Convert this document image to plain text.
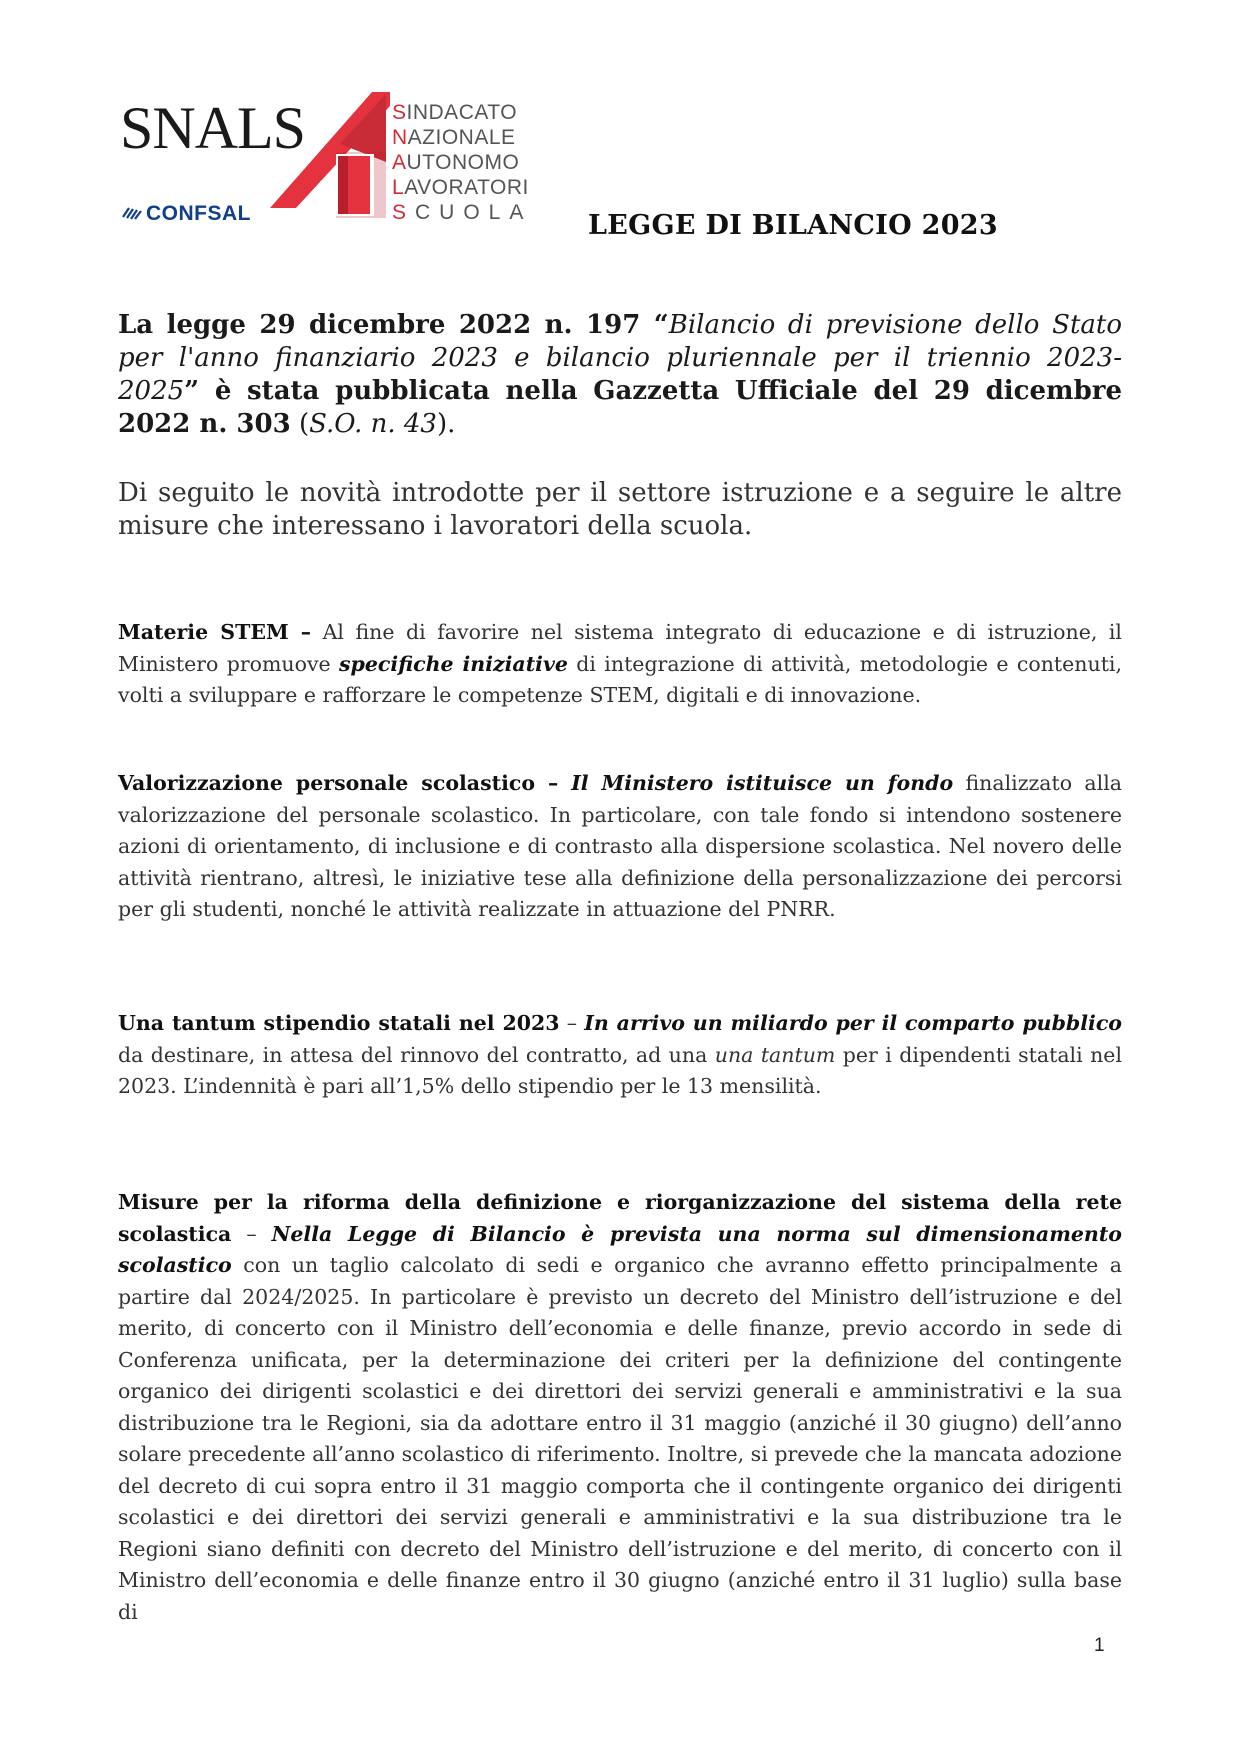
SNALS	SINDACATO
NAZIONALE
AUTONOMO
LAVORATORI
SCUOLA
CONFSAL	LEGGE DI BILANCIO 2023

La legge 29 dicembre 2022 n. 197 “Bilancio di previsione dello Stato per l'anno finanziario 2023 e bilancio pluriennale per il triennio 2023-2025” è stata pubblicata nella Gazzetta Ufficiale del 29 dicembre 2022 n. 303 (S.O. n. 43).

Di seguito le novità introdotte per il settore istruzione e a seguire le altre misure che interessano i lavoratori della scuola.

Materie STEM – Al fine di favorire nel sistema integrato di educazione e di istruzione, il Ministero promuove specifiche iniziative di integrazione di attività, metodologie e contenuti, volti a sviluppare e rafforzare le competenze STEM, digitali e di innovazione.

Valorizzazione personale scolastico – Il Ministero istituisce un fondo finalizzato alla valorizzazione del personale scolastico. In particolare, con tale fondo si intendono sostenere azioni di orientamento, di inclusione e di contrasto alla dispersione scolastica. Nel novero delle attività rientrano, altresì, le iniziative tese alla definizione della personalizzazione dei percorsi per gli studenti, nonché le attività realizzate in attuazione del PNRR.

Una tantum stipendio statali nel 2023 – In arrivo un miliardo per il comparto pubblico da destinare, in attesa del rinnovo del contratto, ad una una tantum per i dipendenti statali nel 2023. L’indennità è pari all’1,5% dello stipendio per le 13 mensilità.

Misure per la riforma della definizione e riorganizzazione del sistema della rete scolastica – Nella Legge di Bilancio è prevista una norma sul dimensionamento scolastico con un taglio calcolato di sedi e organico che avranno effetto principalmente a partire dal 2024/2025. In particolare è previsto un decreto del Ministro dell’istruzione e del merito, di concerto con il Ministro dell’economia e delle finanze, previo accordo in sede di Conferenza unificata, per la determinazione dei criteri per la definizione del contingente organico dei dirigenti scolastici e dei direttori dei servizi generali e amministrativi e la sua distribuzione tra le Regioni, sia da adottare entro il 31 maggio (anziché il 30 giugno) dell’anno solare precedente all’anno scolastico di riferimento. Inoltre, si prevede che la mancata adozione del decreto di cui sopra entro il 31 maggio comporta che il contingente organico dei dirigenti scolastici e dei direttori dei servizi generali e amministrativi e la sua distribuzione tra le Regioni siano definiti con decreto del Ministro dell’istruzione e del merito, di concerto con il Ministro dell’economia e delle finanze entro il 30 giugno (anziché entro il 31 luglio) sulla base di

1
